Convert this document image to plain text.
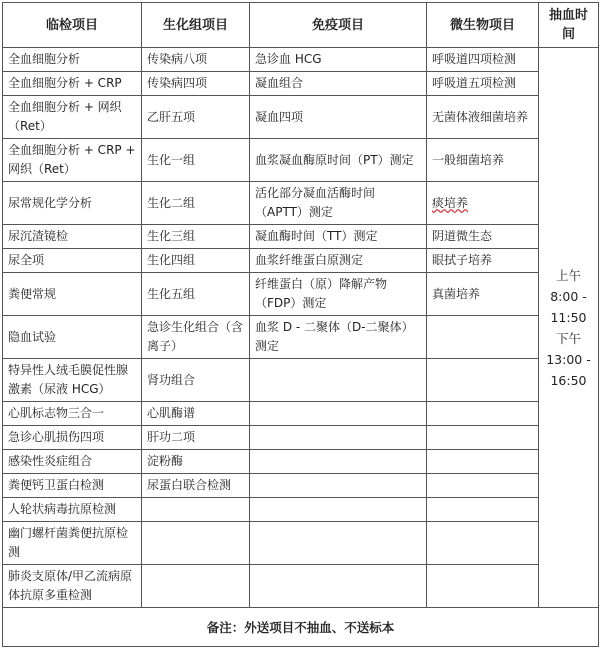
临检项目	生化组项目	免疫项目	微生物项目	抽血时间
全血细胞分析	传染病八项	急诊血 HCG	呼吸道四项检测	上午
8:00 - 11:50
下午
13:00 - 16:50

全血细胞分析 + CRP	传染病四项	凝血组合	呼吸道五项检测	
全血细胞分析 + 网织（Ret）	乙肝五项	凝血四项	无菌体液细菌培养	
全血细胞分析 + CRP + 网织（Ret）	生化一组	血浆凝血酶原时间（PT）测定	一般细菌培养	
尿常规化学分析	生化二组	活化部分凝血活酶时间（APTT）测定	痰培养	
尿沉渣镜检	生化三组	凝血酶时间（TT）测定	阴道微生态	
尿全项	生化四组	血浆纤维蛋白原测定	眼拭子培养	
粪便常规	生化五组	纤维蛋白（原）降解产物（FDP）测定	真菌培养	
隐血试验	急诊生化组合（含离子）	血浆 D - 二聚体（D-二聚体）测定		
特异性人绒毛膜促性腺激素（尿液 HCG）	肾功组合			
心肌标志物三合一	心肌酶谱			
急诊心肌损伤四项	肝功二项			
感染性炎症组合	淀粉酶			
粪便钙卫蛋白检测	尿蛋白联合检测			
人轮状病毒抗原检测				
幽门螺杆菌粪便抗原检测				
肺炎支原体/甲乙流病原体抗原多重检测				
备注：外送项目不抽血、不送标本				
